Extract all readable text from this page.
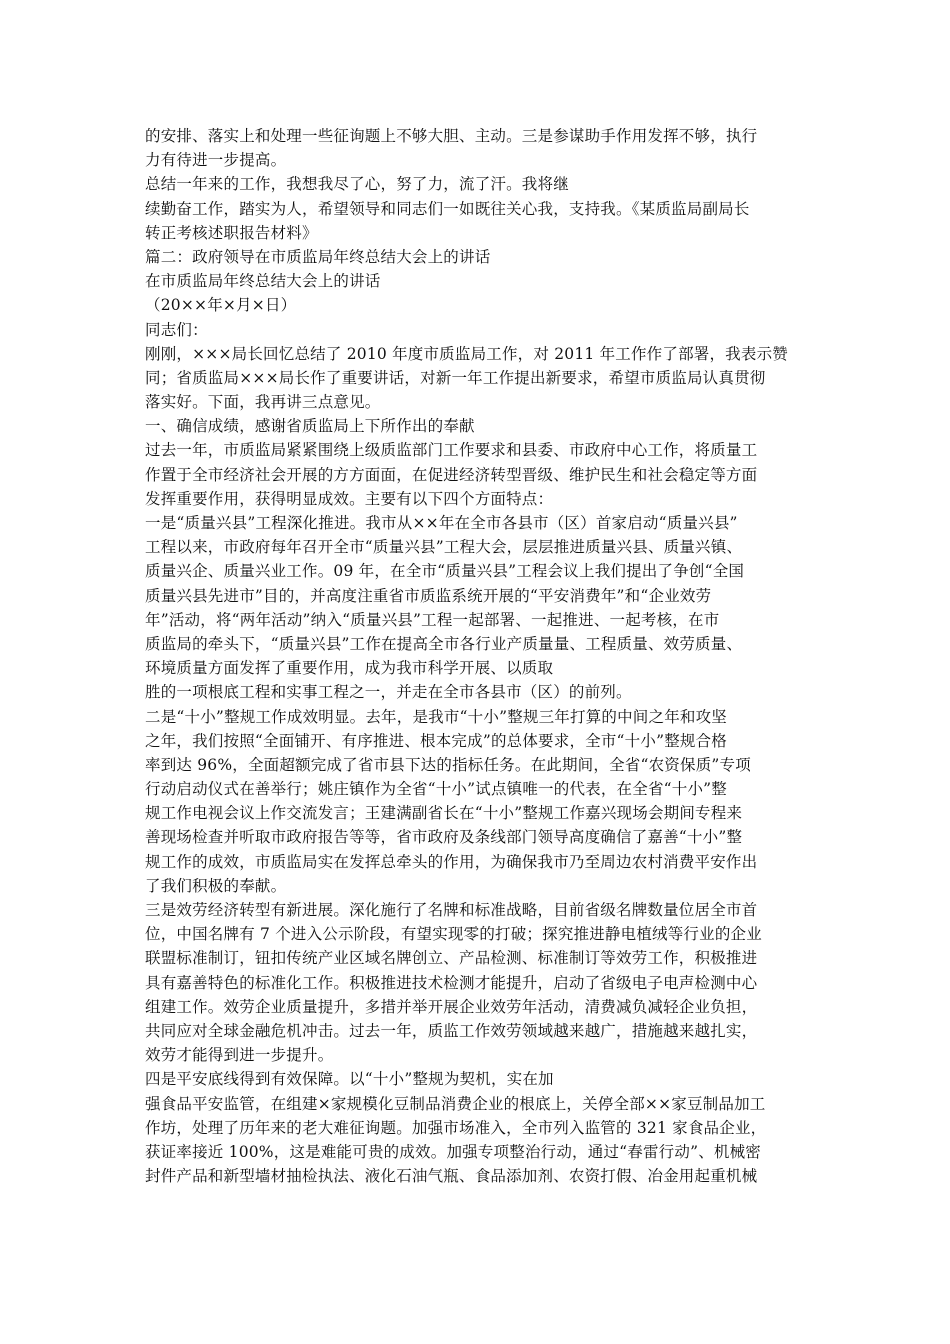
的安排、落实上和处理一些征询题上不够大胆、主动。三是参谋助手作用发挥不够，执行
力有待进一步提高。
总结一年来的工作，我想我尽了心，努了力，流了汗。我将继
续勤奋工作，踏实为人，希望领导和同志们一如既往关心我，支持我。《某质监局副局长
转正考核述职报告材料》
篇二：政府领导在市质监局年终总结大会上的讲话
在市质监局年终总结大会上的讲话
（20××年×月×日）
同志们：
刚刚，×××局长回忆总结了 2010 年度市质监局工作，对 2011 年工作作了部署，我表示赞
同；省质监局×××局长作了重要讲话，对新一年工作提出新要求，希望市质监局认真贯彻
落实好。下面，我再讲三点意见。
一、确信成绩，感谢省质监局上下所作出的奉献
过去一年，市质监局紧紧围绕上级质监部门工作要求和县委、市政府中心工作，将质量工
作置于全市经济社会开展的方方面面，在促进经济转型晋级、维护民生和社会稳定等方面
发挥重要作用，获得明显成效。主要有以下四个方面特点：
一是“质量兴县”工程深化推进。我市从××年在全市各县市（区）首家启动“质量兴县”
工程以来，市政府每年召开全市“质量兴县”工程大会，层层推进质量兴县、质量兴镇、
质量兴企、质量兴业工作。09 年，在全市“质量兴县”工程会议上我们提出了争创“全国
质量兴县先进市”目的，并高度注重省市质监系统开展的“平安消费年”和“企业效劳
年”活动，将“两年活动”纳入“质量兴县”工程一起部署、一起推进、一起考核，在市
质监局的牵头下，“质量兴县”工作在提高全市各行业产质量量、工程质量、效劳质量、
环境质量方面发挥了重要作用，成为我市科学开展、以质取
胜的一项根底工程和实事工程之一，并走在全市各县市（区）的前列。
二是“十小”整规工作成效明显。去年，是我市“十小”整规三年打算的中间之年和攻坚
之年，我们按照“全面铺开、有序推进、根本完成”的总体要求，全市“十小”整规合格
率到达 96%，全面超额完成了省市县下达的指标任务。在此期间，全省“农资保质”专项
行动启动仪式在善举行；姚庄镇作为全省“十小”试点镇唯一的代表，在全省“十小”整
规工作电视会议上作交流发言；王建满副省长在“十小”整规工作嘉兴现场会期间专程来
善现场检查并听取市政府报告等等，省市政府及条线部门领导高度确信了嘉善“十小”整
规工作的成效，市质监局实在发挥总牵头的作用，为确保我市乃至周边农村消费平安作出
了我们积极的奉献。
三是效劳经济转型有新进展。深化施行了名牌和标准战略，目前省级名牌数量位居全市首
位，中国名牌有 7 个进入公示阶段，有望实现零的打破；探究推进静电植绒等行业的企业
联盟标准制订，钮扣传统产业区域名牌创立、产品检测、标准制订等效劳工作，积极推进
具有嘉善特色的标准化工作。积极推进技术检测才能提升，启动了省级电子电声检测中心
组建工作。效劳企业质量提升，多措并举开展企业效劳年活动，清费减负减轻企业负担，
共同应对全球金融危机冲击。过去一年，质监工作效劳领域越来越广，措施越来越扎实，
效劳才能得到进一步提升。
四是平安底线得到有效保障。以“十小”整规为契机，实在加
强食品平安监管，在组建×家规模化豆制品消费企业的根底上，关停全部××家豆制品加工
作坊，处理了历年来的老大难征询题。加强市场准入，全市列入监管的 321 家食品企业，
获证率接近 100%，这是难能可贵的成效。加强专项整治行动，通过“春雷行动”、机械密
封件产品和新型墙材抽检执法、液化石油气瓶、食品添加剂、农资打假、冶金用起重机械
